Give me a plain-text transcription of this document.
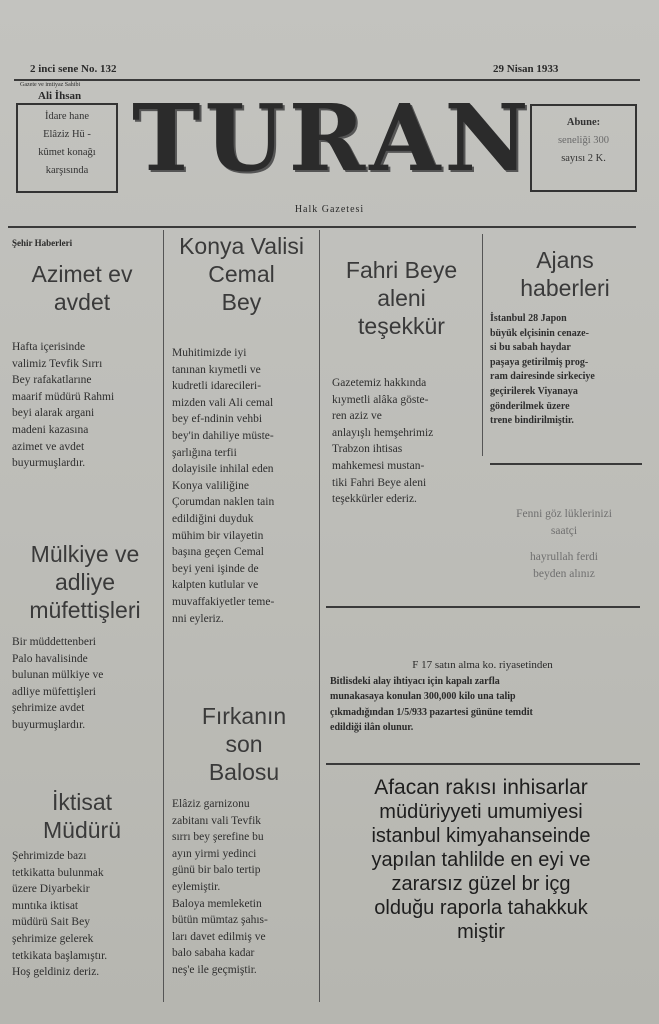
2 inci sene No. 132	29 Nisan 1933
Gazete ve imtiyaz Sahibi
Ali İhsan
İdare hane
Elâziz Hü -
kûmet konağı
karşısında TURAN	Abune:
seneliği 300
sayısı 2 K.
Halk Gazetesi
Şehir Haberleri
Azimet ev
avdet
Hafta içerisinde
valimiz Tevfik Sırrı
Bey rafakatlarıne
maarif müdürü Rahmi
beyi alarak argani
madeni kazasına
azimet ve avdet
buyurmuşlardır.
Mülkiye ve
adliye
müfettişleri
Bir müddettenberi
Palo havalisinde
bulunan mülkiye ve
adliye müfettişleri
şehrimize avdet
buyurmuşlardır.
İktisat
Müdürü
Şehrimizde bazı
tetkikatta bulunmak
üzere Diyarbekir
mıntıka iktisat
müdürü Sait Bey
şehrimize gelerek
tetkikata başlamıştır.
Hoş geldiniz deriz.
Konya Valisi
Cemal
Bey
Muhitimizde iyi
tanınan kıymetli ve
kudretli idarecileri-
mizden vali Ali cemal
bey ef-ndinin vehbi
bey'in dahiliye müste-
şarlığına terfii
dolayisile inhilal eden
Konya valiliğine
Çorumdan naklen tain
edildiğini duyduk
mühim bir vilayetin
başına geçen Cemal
beyi yeni işinde de
kalpten kutlular ve
muvaffakiyetler teme-
nni eyleriz.
Fırkanın
son
Balosu
Elâziz garnizonu
zabitanı vali Tevfik
sırrı bey şerefine bu
ayın yirmi yedinci
günü bir balo tertip
eylemiştir.
Baloya memleketin
bütün mümtaz şahıs-
ları davet edilmiş ve
balo sabaha kadar
neş'e ile geçmiştir.
Fahri Beye
aleni
teşekkür
Gazetemiz hakkında
kıymetli alâka göste-
ren aziz ve
anlayışlı hemşehrimiz
Trabzon ihtisas
mahkemesi mustan-
tiki Fahri Beye aleni
teşekkürler ederiz.
Ajans
haberleri
İstanbul 28 Japon
büyük elçisinin cenaze-
si bu sabah haydar
paşaya getirilmiş prog-
ram dairesinde sirkeciye
geçirilerek Viyanaya
gönderilmek üzere
trene bindirilmiştir.
Fenni göz lüklerinizi
saatçi
hayrullah ferdi
beyden alınız
F 17 satın alma ko. riyasetinden
Bitlisdeki alay ihtiyacı için kapalı zarfla
munakasaya konulan 300,000 kilo una talip
çıkmadığından 1/5/933 pazartesi gününe temdit
edildiği ilân olunur.
Afacan rakısı inhisarlar
müdüriyyeti umumiyesi
istanbul kimyahanseinde
yapılan tahlilde en eyi ve
zararsız güzel br içg
olduğu raporla tahakkuk
miştir
